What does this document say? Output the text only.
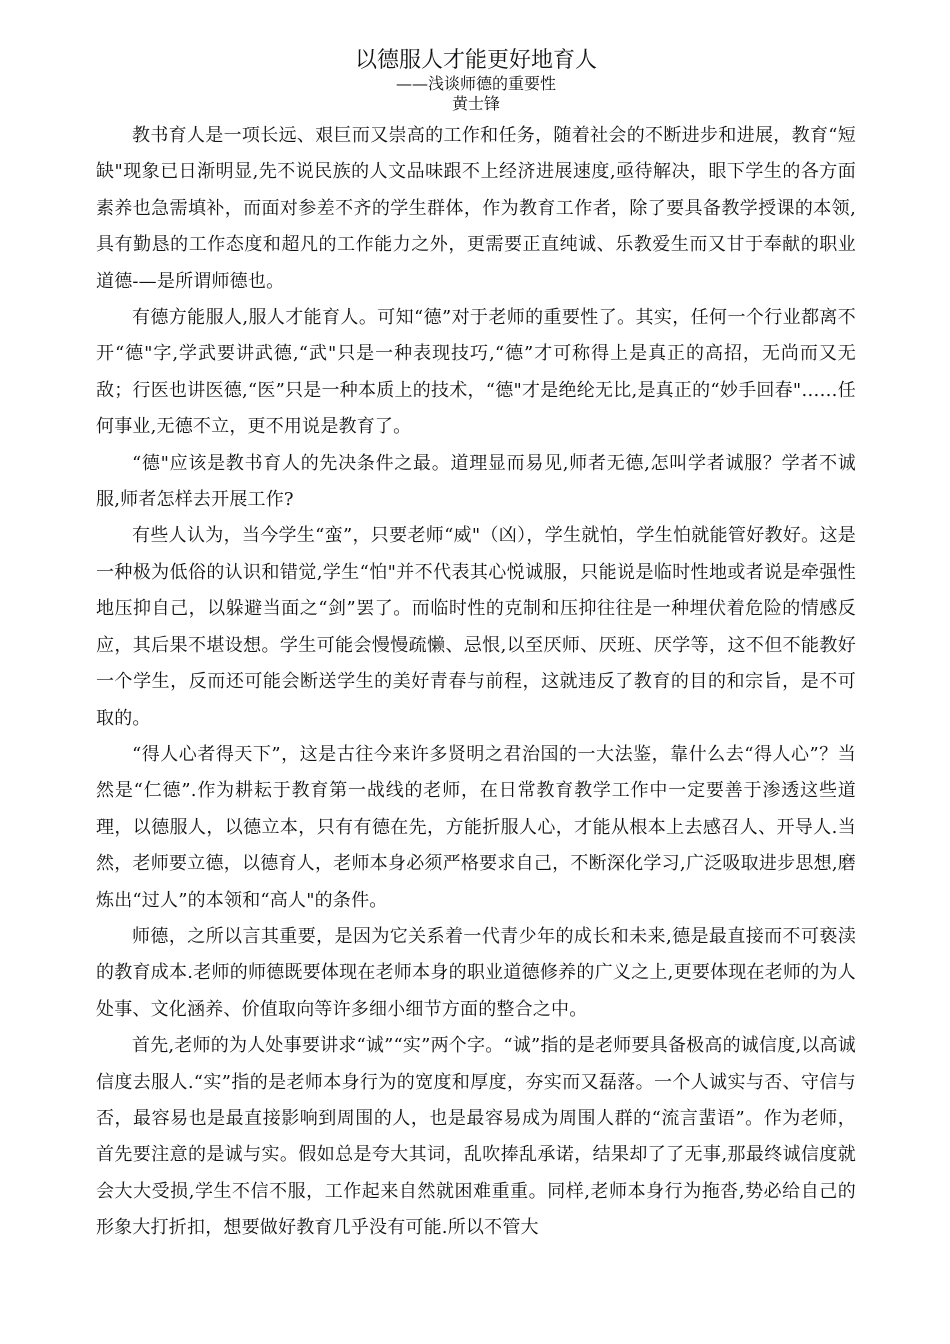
以德服人才能更好地育人
——浅谈师德的重要性
黄士锋

教书育人是一项长远、艰巨而又崇高的工作和任务，随着社会的不断进步和进展，教育“短缺"现象已日渐明显,先不说民族的人文品味跟不上经济进展速度,亟待解决，眼下学生的各方面素养也急需填补，而面对参差不齐的学生群体，作为教育工作者，除了要具备教学授课的本领,具有勤恳的工作态度和超凡的工作能力之外，更需要正直纯诚、乐教爱生而又甘于奉献的职业道德-—是所谓师德也。

有德方能服人,服人才能育人。可知“德”对于老师的重要性了。其实，任何一个行业都离不开“德"字,学武要讲武德,“武"只是一种表现技巧,“德”才可称得上是真正的高招，无尚而又无敌；行医也讲医德,“医”只是一种本质上的技术，“德"才是绝纶无比,是真正的“妙手回春"……任何事业,无德不立，更不用说是教育了。

“德"应该是教书育人的先决条件之最。道理显而易见,师者无德,怎叫学者诚服？学者不诚服,师者怎样去开展工作?

有些人认为，当今学生“蛮”，只要老师“威"（凶），学生就怕，学生怕就能管好教好。这是一种极为低俗的认识和错觉,学生“怕"并不代表其心悦诚服，只能说是临时性地或者说是牵强性地压抑自己，以躲避当面之“剑”罢了。而临时性的克制和压抑往往是一种埋伏着危险的情感反应，其后果不堪设想。学生可能会慢慢疏懒、忌恨,以至厌师、厌班、厌学等，这不但不能教好一个学生，反而还可能会断送学生的美好青春与前程，这就违反了教育的目的和宗旨，是不可取的。

“得人心者得天下”，这是古往今来许多贤明之君治国的一大法鉴，靠什么去“得人心”？当然是“仁德”.作为耕耘于教育第一战线的老师，在日常教育教学工作中一定要善于渗透这些道理，以德服人，以德立本，只有有德在先，方能折服人心，才能从根本上去感召人、开导人.当然，老师要立德，以德育人，老师本身必须严格要求自己，不断深化学习,广泛吸取进步思想,磨炼出“过人”的本领和“高人"的条件。

师德，之所以言其重要，是因为它关系着一代青少年的成长和未来,德是最直接而不可亵渎的教育成本.老师的师德既要体现在老师本身的职业道德修养的广义之上,更要体现在老师的为人处事、文化涵养、价值取向等许多细小细节方面的整合之中。

首先,老师的为人处事要讲求“诚”“实”两个字。“诚”指的是老师要具备极高的诚信度,以高诚信度去服人.“实”指的是老师本身行为的宽度和厚度，夯实而又磊落。一个人诚实与否、守信与否，最容易也是最直接影响到周围的人，也是最容易成为周围人群的“流言蜚语”。作为老师，首先要注意的是诚与实。假如总是夸大其词，乱吹捧乱承诺，结果却了了无事,那最终诚信度就会大大受损,学生不信不服，工作起来自然就困难重重。同样,老师本身行为拖沓,势必给自己的形象大打折扣，想要做好教育几乎没有可能.所以不管大
